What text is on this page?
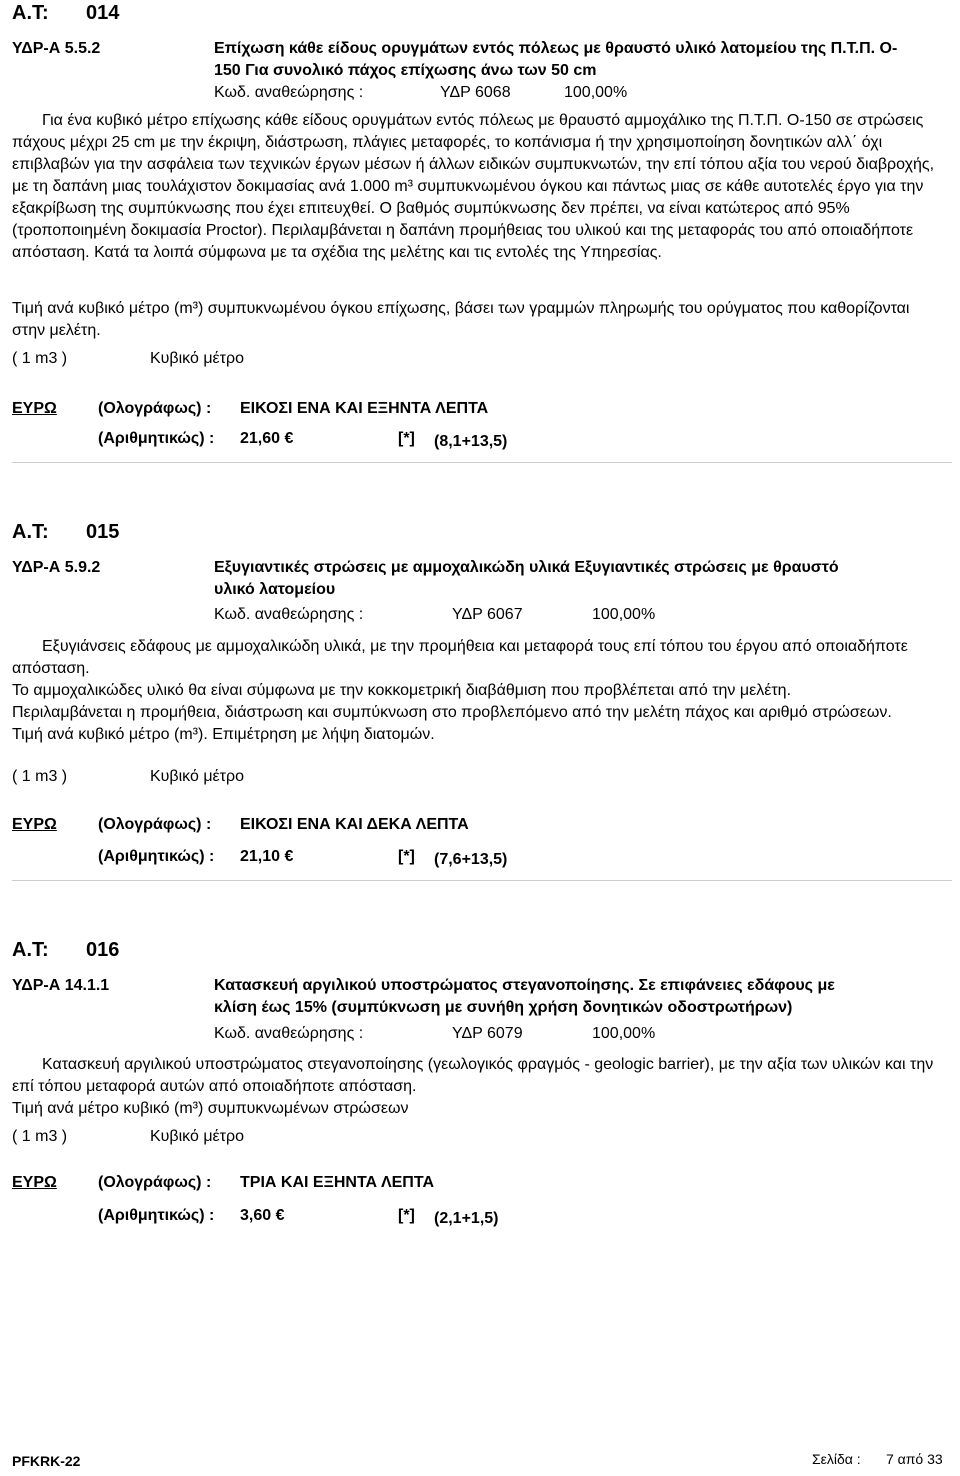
Α.Τ: 014
ΥΔΡ-Α 5.5.2	Επίχωση κάθε είδους ορυγμάτων εντός πόλεως με θραυστό υλικό λατομείου της Π.Τ.Π. Ο-
150 Για συνολικό πάχος επίχωσης άνω των 50 cm
Κωδ. αναθεώρησης :	ΥΔΡ 6068	100,00%

Για ένα κυβικό μέτρο επίχωσης κάθε είδους ορυγμάτων εντός πόλεως με θραυστό αμμοχάλικο της Π.Τ.Π. Ο-150 σε στρώσεις πάχους μέχρι 25 cm με την έκριψη, διάστρωση, πλάγιες μεταφορές, το κοπάνισμα ή την χρησιμοποίηση δονητικών αλλ΄ όχι επιβλαβών για την ασφάλεια των τεχνικών έργων μέσων ή άλλων ειδικών συμπυκνωτών, την επί τόπου αξία του νερού διαβροχής, με τη δαπάνη μιας τουλάχιστον δοκιμασίας ανά 1.000 m³ συμπυκνωμένου όγκου και πάντως μιας σε κάθε αυτοτελές έργο για την εξακρίβωση της συμπύκνωσης που έχει επιτευχθεί. Ο βαθμός συμπύκνωσης δεν πρέπει, να είναι κατώτερος από 95% (τροποποιημένη δοκιμασία Proctor). Περιλαμβάνεται η δαπάνη προμήθειας του υλικού και της μεταφοράς του από οποιαδήποτε απόσταση. Κατά τα λοιπά σύμφωνα με τα σχέδια της μελέτης και τις εντολές της Υπηρεσίας.

Τιμή ανά κυβικό μέτρο (m³) συμπυκνωμένου όγκου επίχωσης, βάσει των γραμμών πληρωμής του ορύγματος που καθορίζονται στην μελέτη.

( 1 m3 )	Κυβικό μέτρο
ΕΥΡΩ	(Ολογράφως) : ΕΙΚΟΣΙ ΕΝΑ ΚΑΙ ΕΞΗΝΤΑ ΛΕΠΤΑ
(Αριθμητικώς) : 21,60 €	[*] (8,1+13,5)
Α.Τ: 015
ΥΔΡ-Α 5.9.2	Εξυγιαντικές στρώσεις με αμμοχαλικώδη υλικά Εξυγιαντικές στρώσεις με θραυστό
υλικό λατομείου
Κωδ. αναθεώρησης :	ΥΔΡ 6067	100,00%

Εξυγιάνσεις εδάφους με αμμοχαλικώδη υλικά, με την προμήθεια και μεταφορά τους επί τόπου του έργου από οποιαδήποτε απόσταση.

Το αμμοχαλικώδες υλικό θα είναι σύμφωνα με την κοκκομετρική διαβάθμιση που προβλέπεται από την μελέτη.

Περιλαμβάνεται η προμήθεια, διάστρωση και συμπύκνωση στο προβλεπόμενο από την μελέτη πάχος και αριθμό στρώσεων.

Τιμή ανά κυβικό μέτρο (m³). Επιμέτρηση με λήψη διατομών.

( 1 m3 )	Κυβικό μέτρο
ΕΥΡΩ	(Ολογράφως) : ΕΙΚΟΣΙ ΕΝΑ ΚΑΙ ΔΕΚΑ ΛΕΠΤΑ
(Αριθμητικώς) : 21,10 €	[*] (7,6+13,5)
Α.Τ: 016
ΥΔΡ-Α 14.1.1	Κατασκευή αργιλικού υποστρώματος στεγανοποίησης. Σε επιφάνειες εδάφους με
κλίση έως 15% (συμπύκνωση με συνήθη χρήση δονητικών οδοστρωτήρων)
Κωδ. αναθεώρησης :	ΥΔΡ 6079	100,00%

Κατασκευή αργιλικού υποστρώματος στεγανοποίησης (γεωλογικός φραγμός - geologic barrier), με την αξία των υλικών και την επί τόπου μεταφορά αυτών από οποιαδήποτε απόσταση.

Τιμή ανά μέτρο κυβικό (m³) συμπυκνωμένων στρώσεων

( 1 m3 )	Κυβικό μέτρο
ΕΥΡΩ	(Ολογράφως) : ΤΡΙΑ ΚΑΙ ΕΞΗΝΤΑ ΛΕΠΤΑ
(Αριθμητικώς) : 3,60 €	[*] (2,1+1,5)
PFKRK-22	Σελίδα : 7 από 33
